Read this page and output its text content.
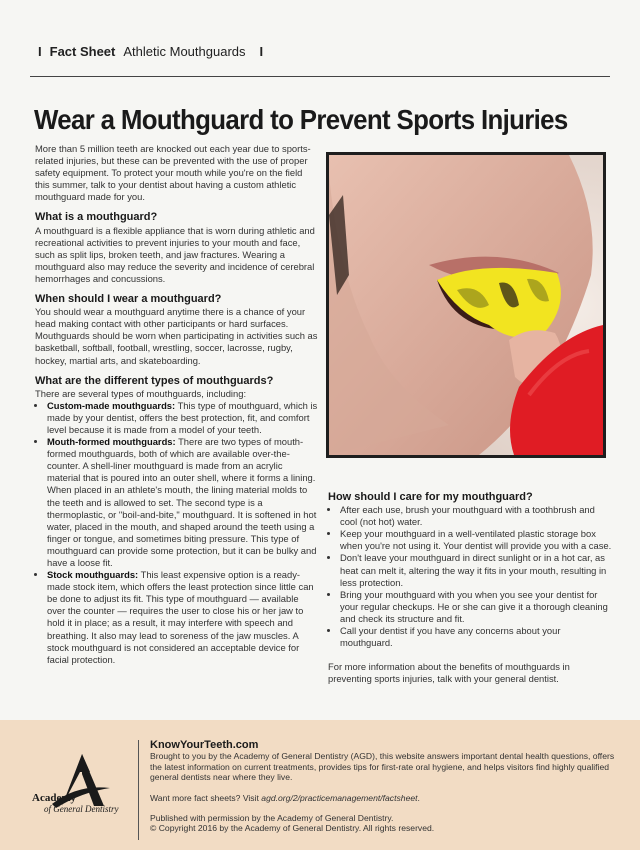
I Fact Sheet Athletic Mouthguards I
Wear a Mouthguard to Prevent Sports Injuries

More than 5 million teeth are knocked out each year due to sports-related injuries, but these can be prevented with the use of proper safety equipment. To protect your mouth while you're on the field this summer, talk to your dentist about having a custom athletic mouthguard made for you.

What is a mouthguard?

A mouthguard is a flexible appliance that is worn during athletic and recreational activities to prevent injuries to your mouth and face, such as split lips, broken teeth, and jaw fractures. Wearing a mouthguard also may reduce the severity and incidence of cerebral hemorrhages and concussions.

When should I wear a mouthguard?

You should wear a mouthguard anytime there is a chance of your head making contact with other participants or hard surfaces. Mouthguards should be worn when participating in activities such as basketball, softball, football, wrestling, soccer, lacrosse, rugby, hockey, martial arts, and skateboarding.

What are the different types of mouthguards?
There are several types of mouthguards, including:
• Custom-made mouthguards: This type of mouthguard, which is made by your dentist, offers the best protection, fit, and comfort level because it is made from a model of your teeth.
• Mouth-formed mouthguards: There are two types of mouth-formed mouthguards, both of which are available over-the-counter. A shell-liner mouthguard is made from an acrylic material that is poured into an outer shell, where it forms a lining. When placed in an athlete's mouth, the lining material molds to the teeth and is allowed to set. The second type is a thermoplastic, or "boil-and-bite," mouthguard. It is softened in hot water, placed in the mouth, and shaped around the teeth using a finger or tongue, and sometimes biting pressure. This type of mouthguard can provide some protection, but it can be bulky and have a loose fit.
• Stock mouthguards: This least expensive option is a ready-made stock item, which offers the least protection since little can be done to adjust its fit. This type of mouthguard — available over the counter — requires the user to close his or her jaw to hold it in place; as a result, it may interfere with speech and breathing. It also may lead to soreness of the jaw muscles. A stock mouthguard is not considered an acceptable device for facial protection.
How should I care for my mouthguard?
• After each use, brush your mouthguard with a toothbrush and cool (not hot) water.
• Keep your mouthguard in a well-ventilated plastic storage box when you're not using it. Your dentist will provide you with a case.
• Don't leave your mouthguard in direct sunlight or in a hot car, as heat can melt it, altering the way it fits in your mouth, resulting in less protection.
• Bring your mouthguard with you when you see your dentist for your regular checkups. He or she can give it a thorough cleaning and check its structure and fit.
• Call your dentist if you have any concerns about your mouthguard.

For more information about the benefits of mouthguards in preventing sports injuries, talk with your general dentist.

Academy
of General Dentistry
KnowYourTeeth.com

Brought to you by the Academy of General Dentistry (AGD), this website answers important dental health questions, offers the latest information on current treatments, provides tips for first-rate oral hygiene, and helps visitors find highly qualified general dentists near where they live.

Want more fact sheets? Visit agd.org/2/practicemanagement/factsheet.

Published with permission by the Academy of General Dentistry.
© Copyright 2016 by the Academy of General Dentistry. All rights reserved.
